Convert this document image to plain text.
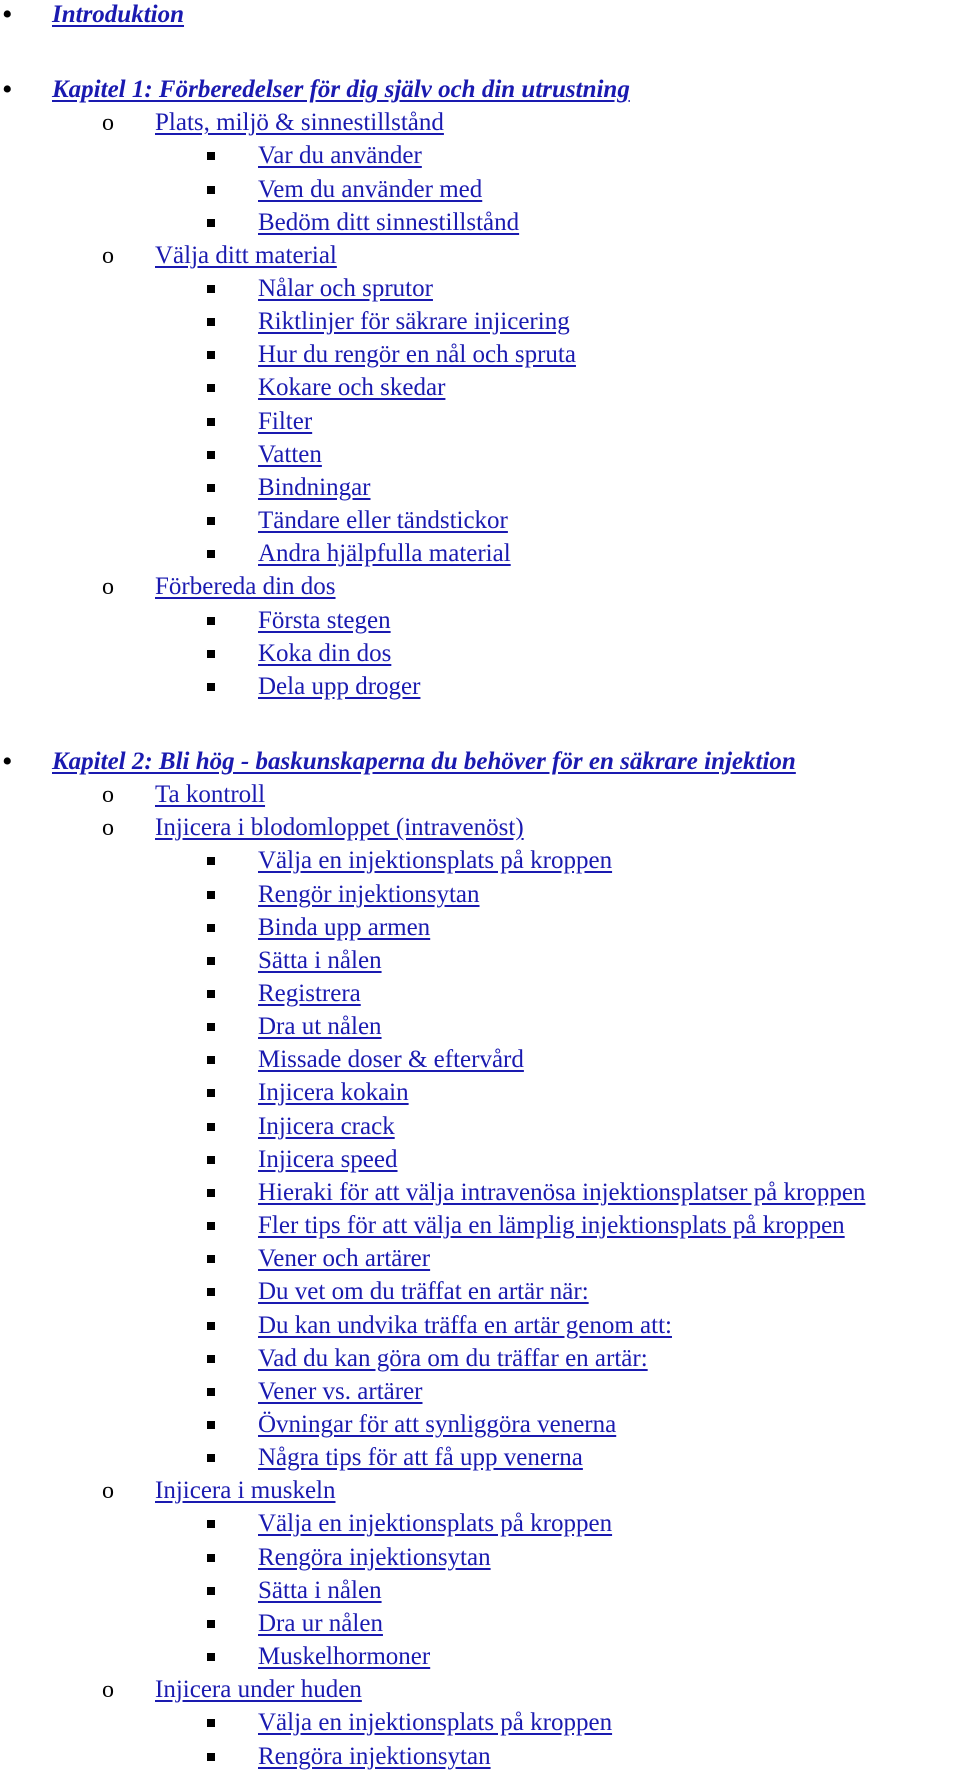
• Introduktion
• Kapitel 1: Förberedelser för dig själv och din utrustning
o Plats, miljö & sinnestillstånd
Var du använder
Vem du använder med
Bedöm ditt sinnestillstånd
o Välja ditt material
Nålar och sprutor
Riktlinjer för säkrare injicering
Hur du rengör en nål och spruta
Kokare och skedar
Filter
Vatten
Bindningar
Tändare eller tändstickor
Andra hjälpfulla material
o Förbereda din dos
Första stegen
Koka din dos
Dela upp droger
• Kapitel 2: Bli hög - baskunskaperna du behöver för en säkrare injektion
o Ta kontroll
o Injicera i blodomloppet (intravenöst)
Välja en injektionsplats på kroppen
Rengör injektionsytan
Binda upp armen
Sätta i nålen
Registrera
Dra ut nålen
Missade doser & eftervård
Injicera kokain
Injicera crack
Injicera speed
Hieraki för att välja intravenösa injektionsplatser på kroppen
Fler tips för att välja en lämplig injektionsplats på kroppen
Vener och artärer
Du vet om du träffat en artär när:
Du kan undvika träffa en artär genom att:
Vad du kan göra om du träffar en artär:
Vener vs. artärer
Övningar för att synliggöra venerna
Några tips för att få upp venerna
o Injicera i muskeln
Välja en injektionsplats på kroppen
Rengöra injektionsytan
Sätta i nålen
Dra ur nålen
Muskelhormoner
o Injicera under huden
Välja en injektionsplats på kroppen
Rengöra injektionsytan
